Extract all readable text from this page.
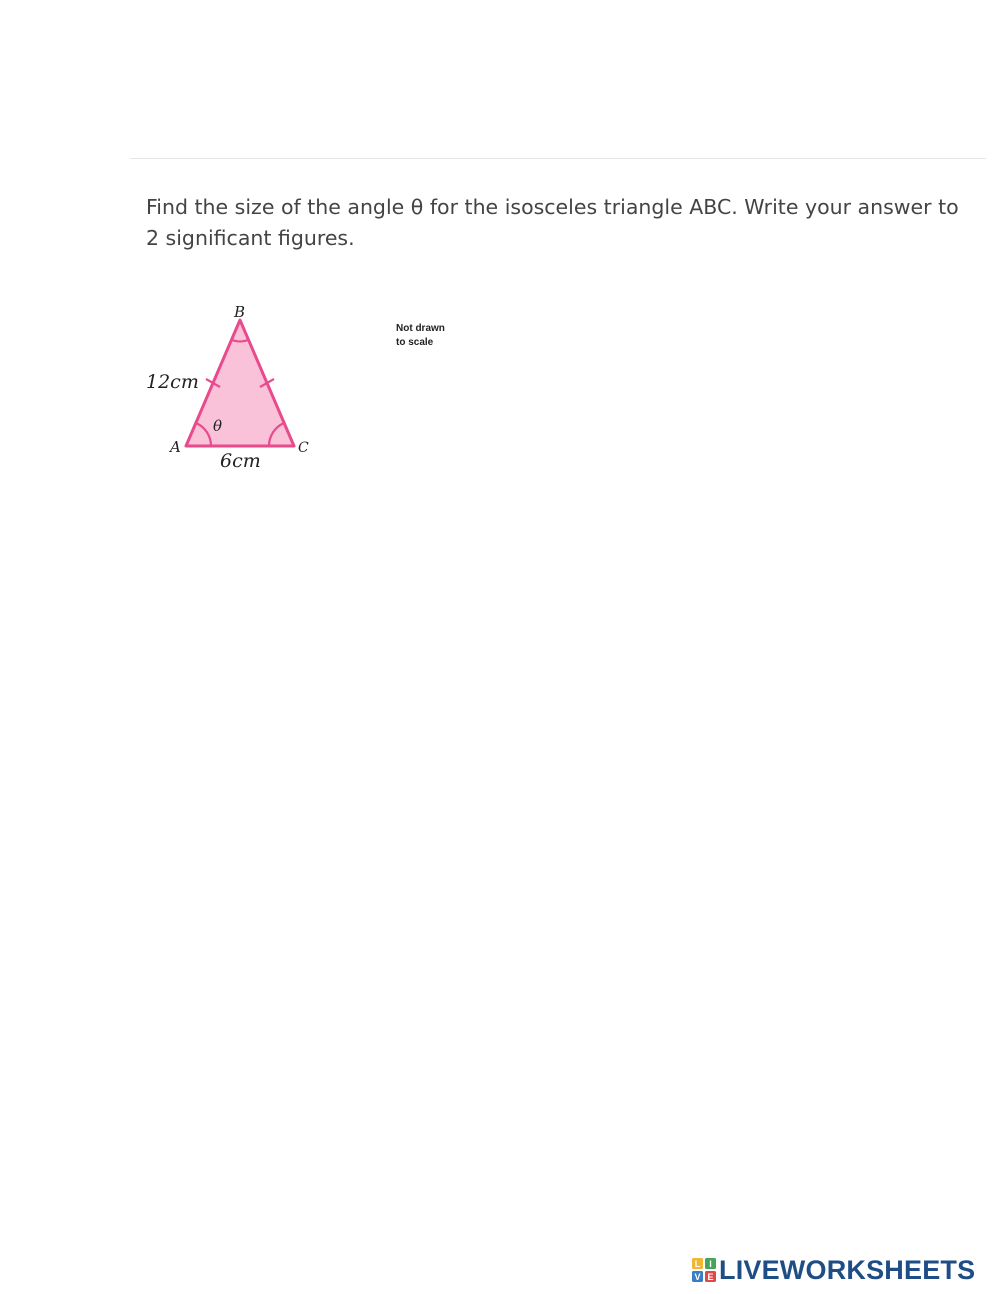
Find the size of the angle θ for the isosceles triangle ABC. Write your answer to 2 significant figures.
B
A	C
12cm
6cm
θ
Not drawn
to scale
L I
V E LIVEWORKSHEETS
